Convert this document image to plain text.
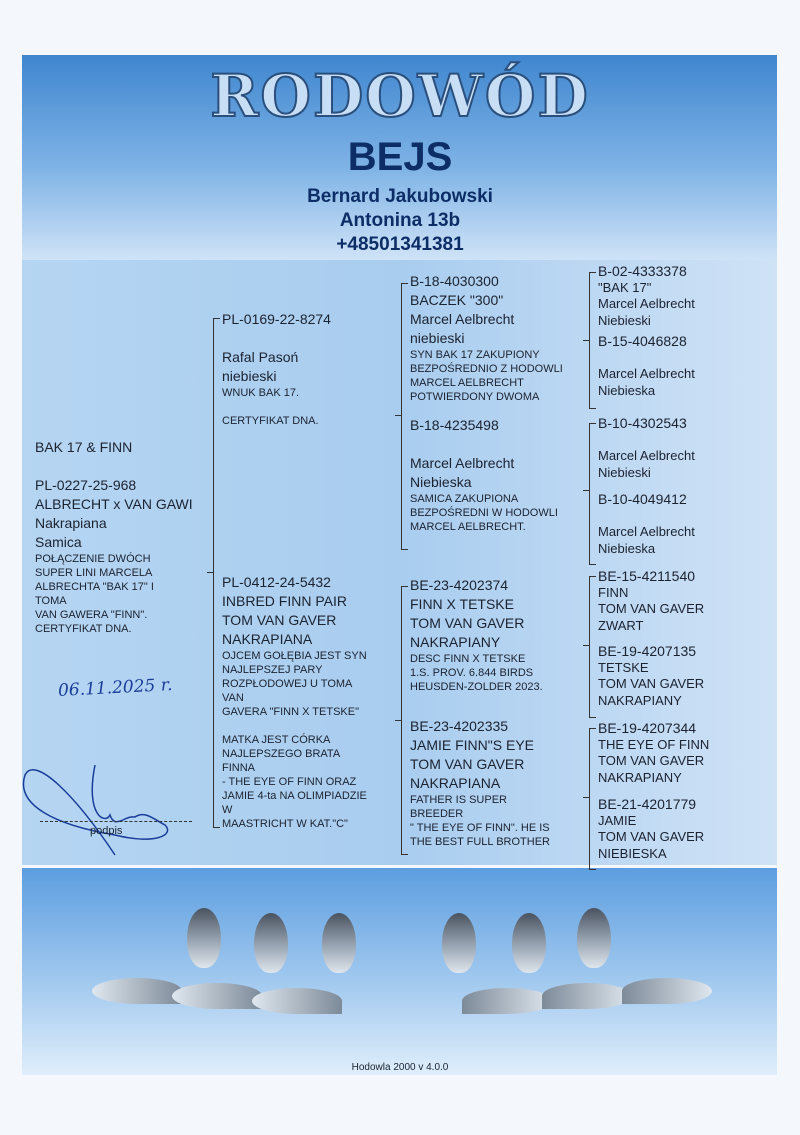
RODOWÓD
BEJS
Bernard Jakubowski
Antonina 13b
+48501341381
BAK 17 & FINN

PL-0227-25-968
ALBRECHT x VAN GAWI
Nakrapiana
Samica
POŁĄCZENIE DWÓCH
SUPER LINI MARCELA
ALBRECHTA "BAK 17" I
TOMA
VAN GAWERA "FINN".
CERTYFIKAT DNA.
PL-0169-22-8274

Rafal Pasoń
niebieski
WNUK BAK 17.

CERTYFIKAT DNA.
PL-0412-24-5432
INBRED FINN PAIR
TOM VAN GAVER
NAKRAPIANA
OJCEM GOŁĘBIA JEST SYN
NAJLEPSZEJ PARY
ROZPŁODOWEJ U TOMA
VAN
GAVERA "FINN X TETSKE"

MATKA JEST CÓRKA
NAJLEPSZEGO BRATA
FINNA
- THE EYE OF FINN ORAZ
JAMIE 4-ta NA OLIMPIADZIE
W
MAASTRICHT W KAT."C"
B-18-4030300
BACZEK "300"
Marcel Aelbrecht
niebieski
SYN BAK 17 ZAKUPIONY
BEZPOŚREDNIO Z HODOWLI
MARCEL AELBRECHT
POTWIERDONY DWOMA
B-18-4235498

Marcel Aelbrecht
Niebieska
SAMICA ZAKUPIONA
BEZPOŚREDNI W HODOWLI
MARCEL AELBRECHT.
BE-23-4202374
FINN X TETSKE
TOM VAN GAVER
NAKRAPIANY
DESC FINN X TETSKE
1.S. PROV. 6.844 BIRDS
HEUSDEN-ZOLDER 2023.
BE-23-4202335
JAMIE FINN"S EYE
TOM VAN GAVER
NAKRAPIANA
FATHER IS SUPER
BREEDER
" THE EYE OF FINN". HE IS
THE BEST FULL BROTHER
B-02-4333378
"BAK 17"
Marcel Aelbrecht
Niebieski
B-15-4046828

Marcel Aelbrecht
Niebieska
B-10-4302543

Marcel Aelbrecht
Niebieski
B-10-4049412

Marcel Aelbrecht
Niebieska
BE-15-4211540
FINN
TOM VAN GAVER
ZWART
BE-19-4207135
TETSKE
TOM VAN GAVER
NAKRAPIANY
BE-19-4207344
THE EYE OF FINN
TOM VAN GAVER
NAKRAPIANY
BE-21-4201779
JAMIE
TOM VAN GAVER
NIEBIESKA
06.11.2025 r.
podpis
Hodowla 2000 v 4.0.0
